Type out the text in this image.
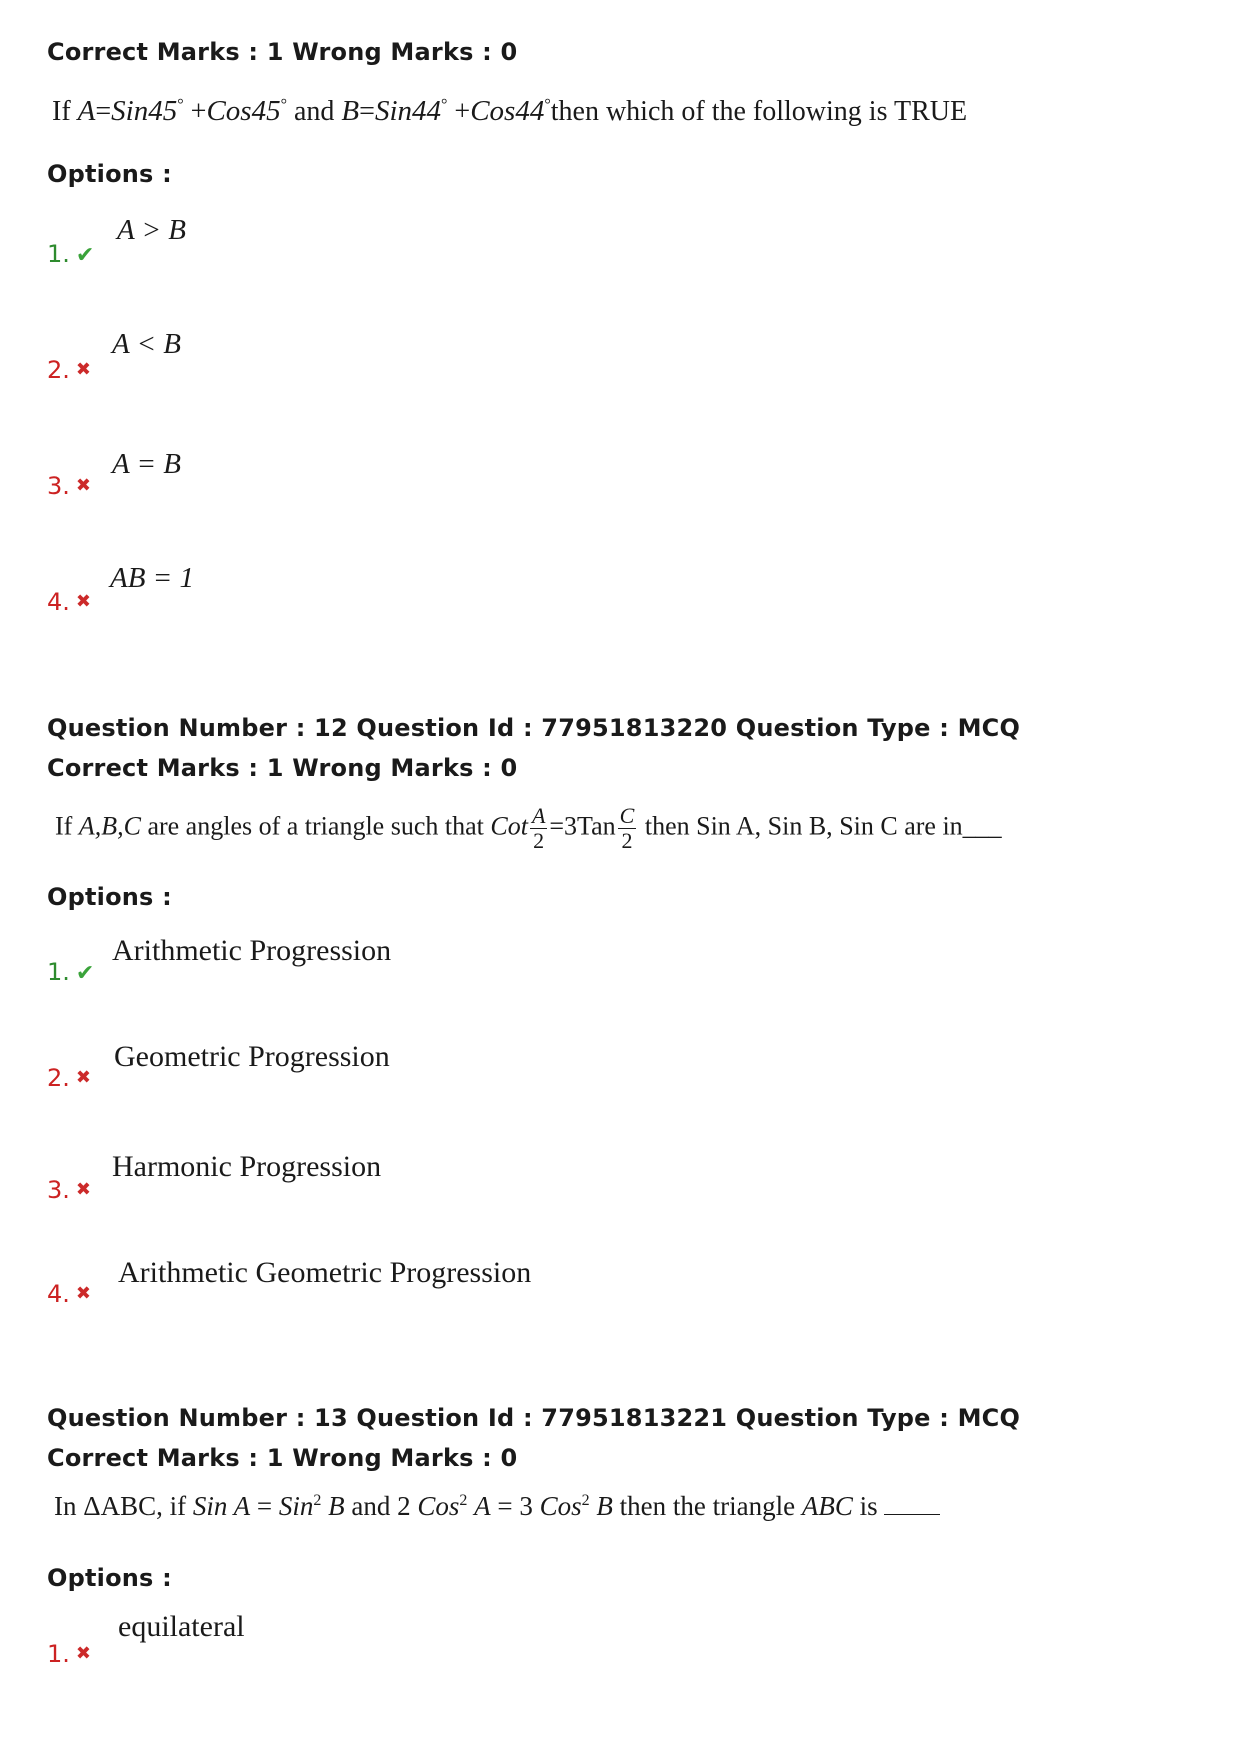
Correct Marks : 1 Wrong Marks : 0
If A=Sin45° +Cos45° and B=Sin44° +Cos44°then which of the following is TRUE
Options :
1. ✔
A > B
2. ✖
A < B
3. ✖
A = B
4. ✖
AB = 1
Question Number : 12 Question Id : 77951813220 Question Type : MCQ
Correct Marks : 1 Wrong Marks : 0
If A,B,C are angles of a triangle such that Cot $\frac{A}{2} =3Tan \frac{C}{2}$ then Sin A, Sin B, Sin C are in___
Options :
1. ✔
Arithmetic Progression
2. ✖
Geometric Progression
3. ✖
Harmonic Progression
4. ✖
Arithmetic Geometric Progression
Question Number : 13 Question Id : 77951813221 Question Type : MCQ
Correct Marks : 1 Wrong Marks : 0
In ΔABC, if Sin A = Sin$^2$ B and 2 Cos$^2$ A = 3 Cos$^2$ B then the triangle ABC is
Options :
1. ✖
equilateral
